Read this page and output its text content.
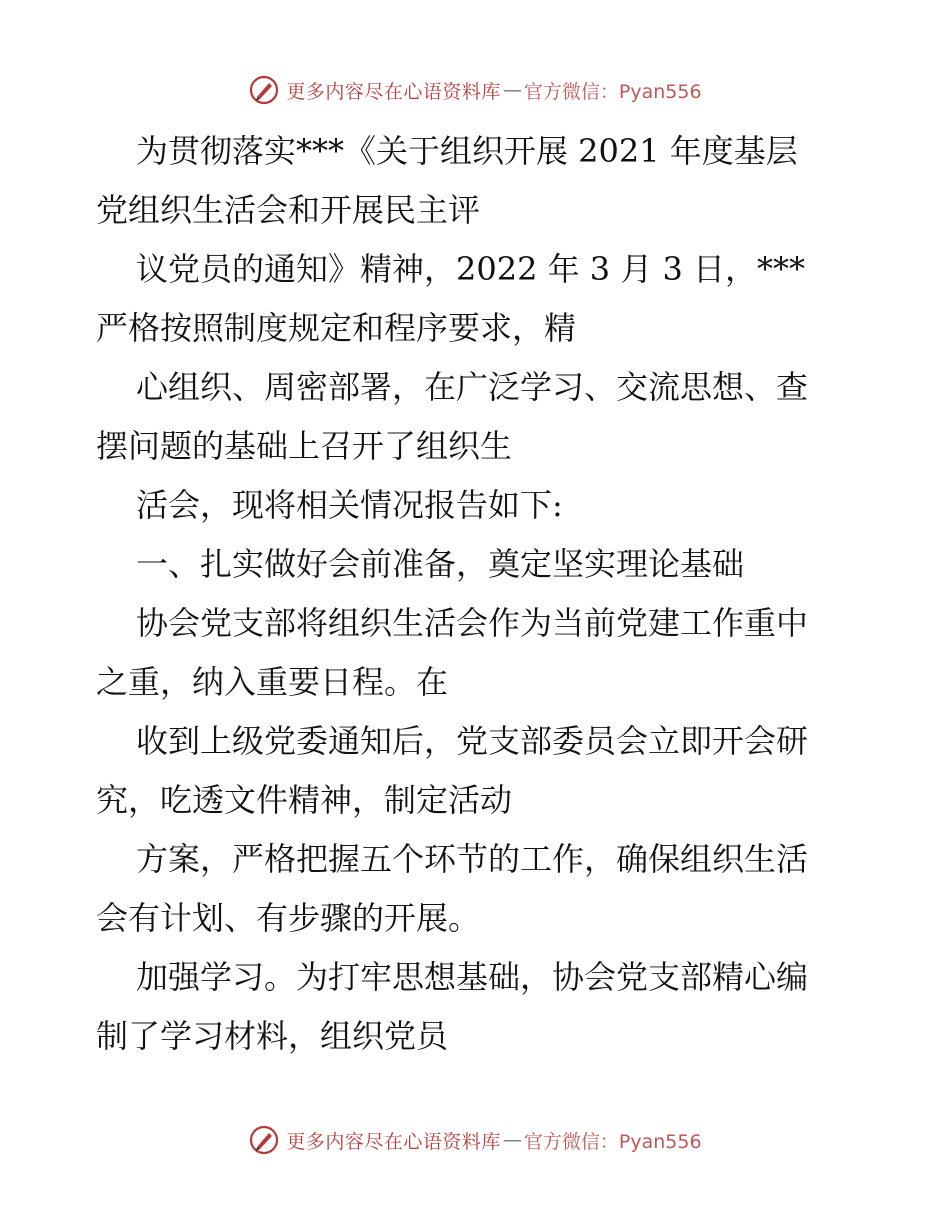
更多内容尽在心语资料库 — 官方微信：Pyan556
为贯彻落实***《关于组织开展 2021 年度基层
党组织生活会和开展民主评
议党员的通知》精神，2022 年 3 月 3 日，***
严格按照制度规定和程序要求，精
心组织、周密部署，在广泛学习、交流思想、查
摆问题的基础上召开了组织生
活会，现将相关情况报告如下:
一、扎实做好会前准备，奠定坚实理论基础
协会党支部将组织生活会作为当前党建工作重中
之重，纳入重要日程。在
收到上级党委通知后，党支部委员会立即开会研
究，吃透文件精神，制定活动
方案，严格把握五个环节的工作，确保组织生活
会有计划、有步骤的开展。
加强学习。为打牢思想基础，协会党支部精心编
制了学习材料，组织党员
更多内容尽在心语资料库 — 官方微信：Pyan556
